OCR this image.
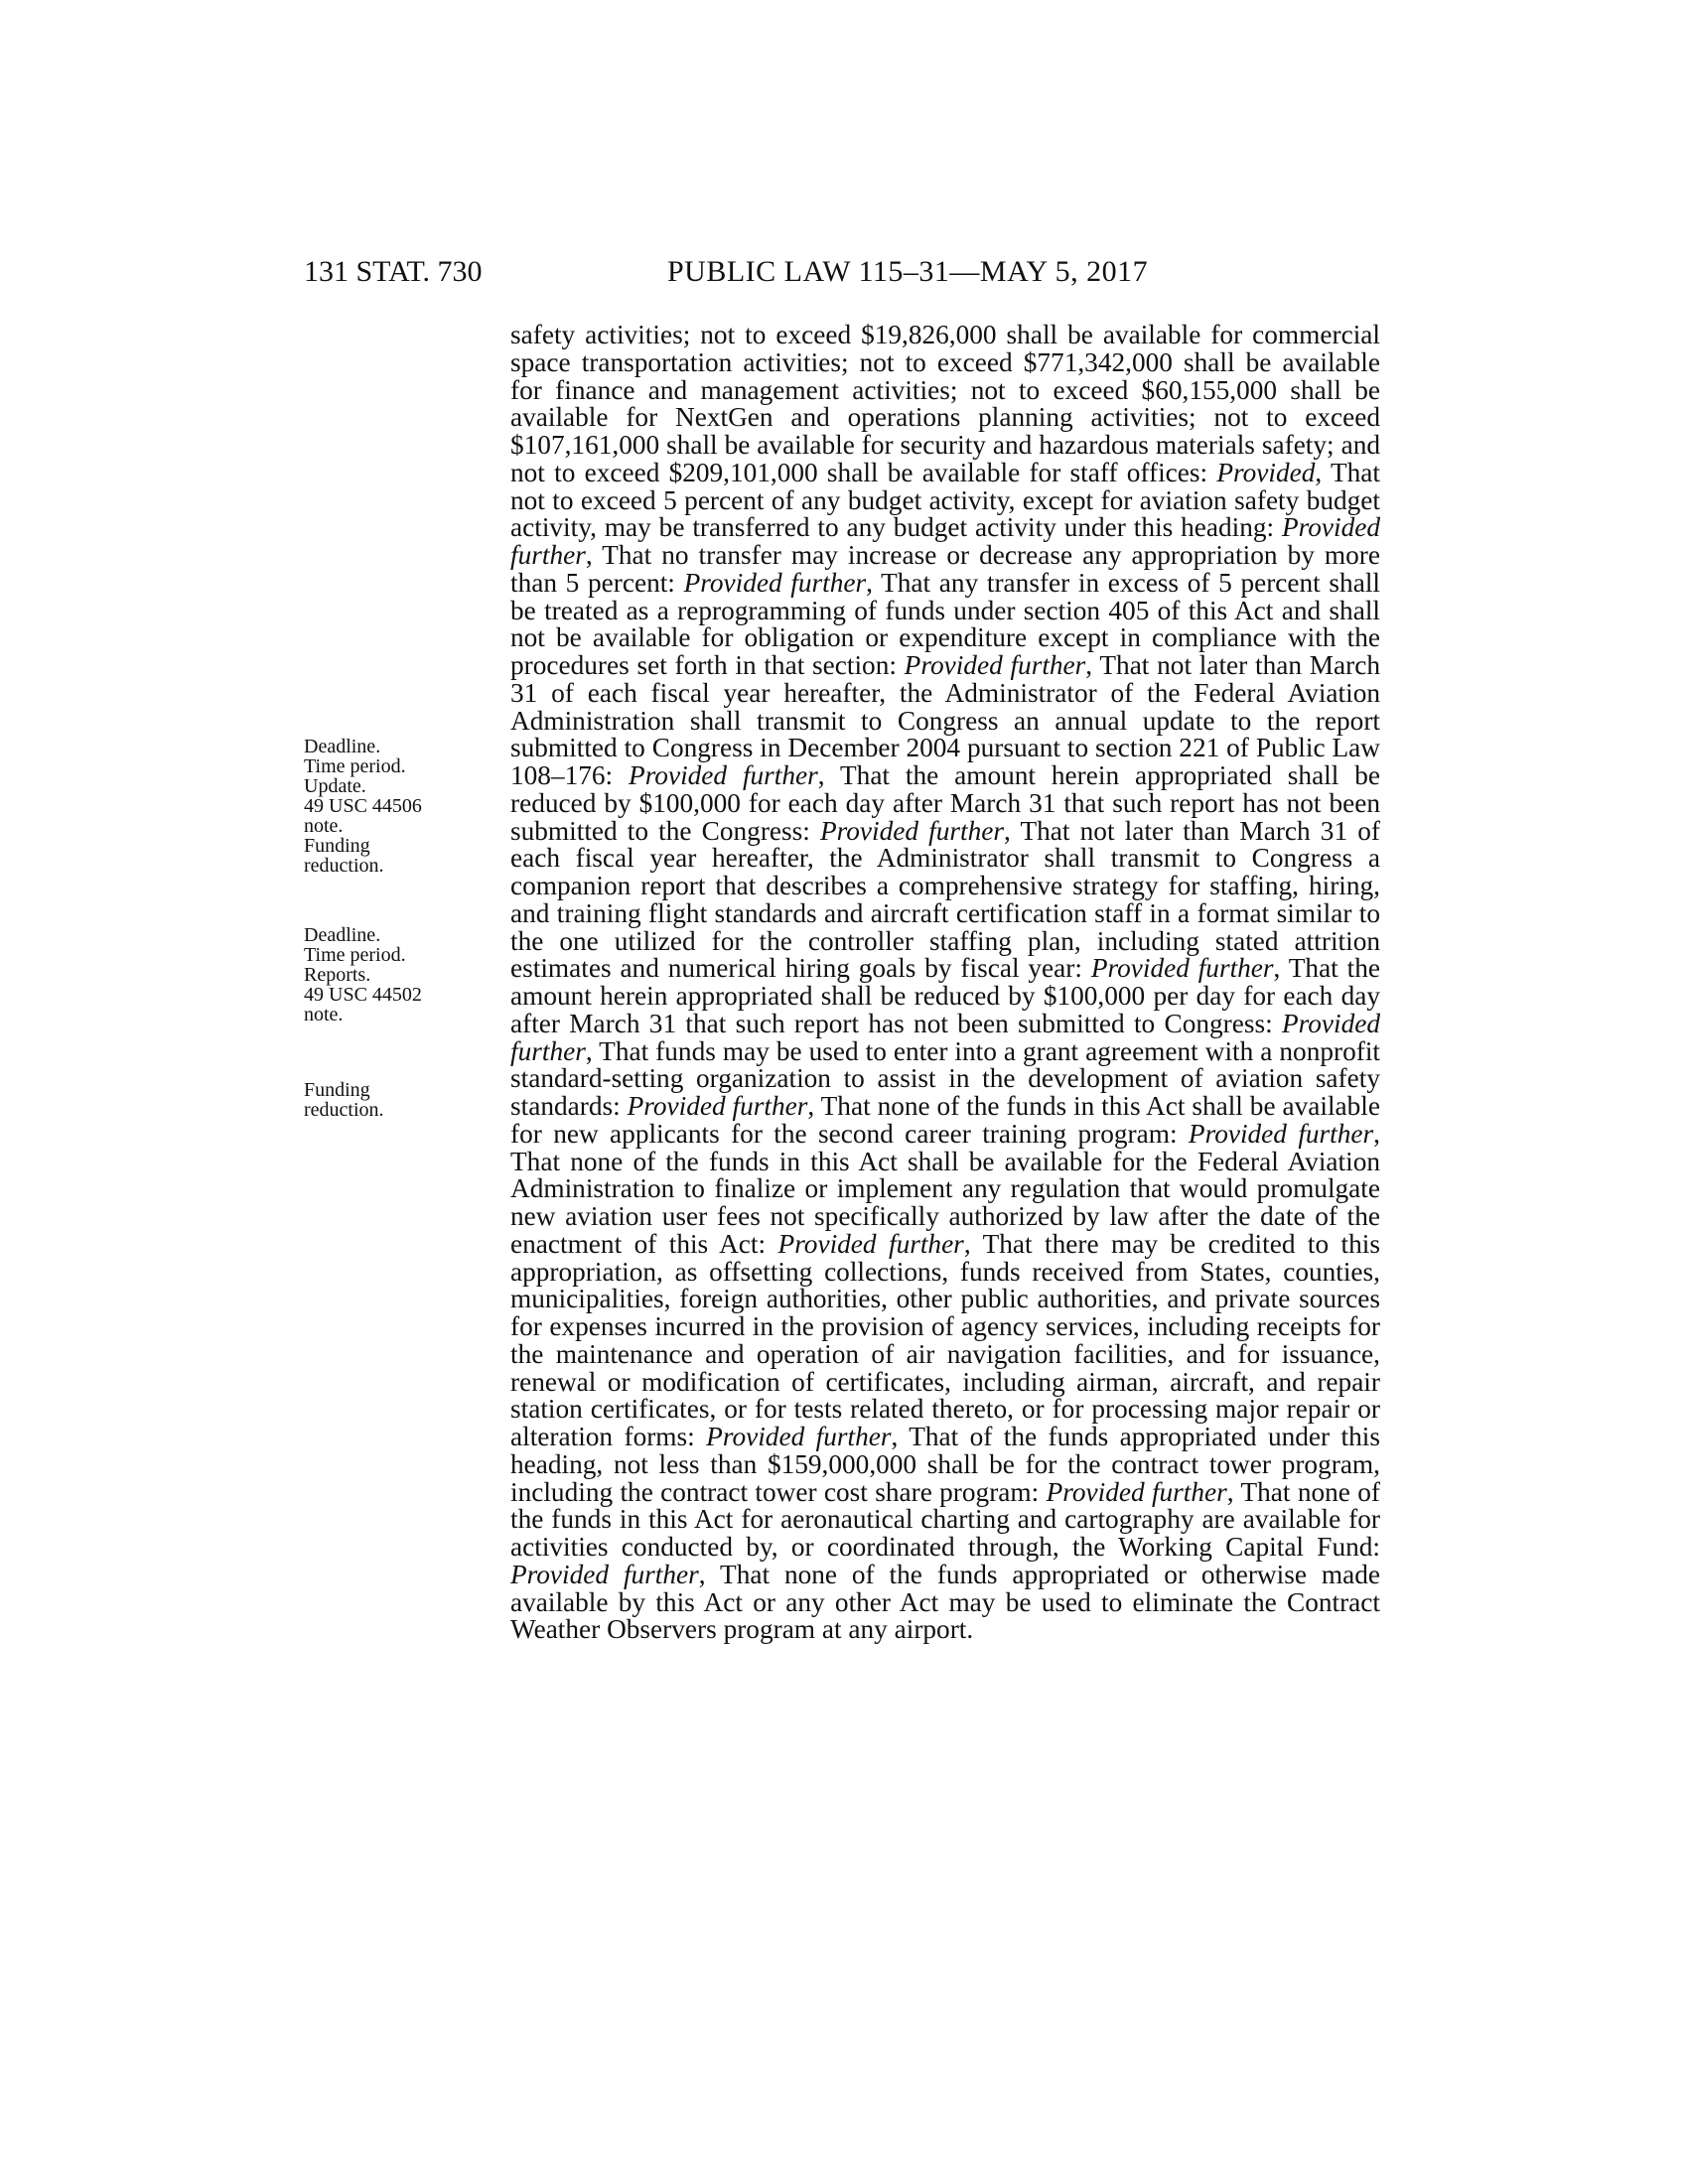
131 STAT. 730	PUBLIC LAW 115–31—MAY 5, 2017
Deadline.
Time period.
Update.
49 USC 44506
note.
Funding
reduction.
Deadline.
Time period.
Reports.
49 USC 44502
note.
Funding
reduction.
safety activities; not to exceed $19,826,000 shall be available for commercial space transportation activities; not to exceed $771,342,000 shall be available for finance and management activities; not to exceed $60,155,000 shall be available for NextGen and operations planning activities; not to exceed $107,161,000 shall be available for security and hazardous materials safety; and not to exceed $209,101,000 shall be available for staff offices: Provided, That not to exceed 5 percent of any budget activity, except for aviation safety budget activity, may be transferred to any budget activity under this heading: Provided further, That no transfer may increase or decrease any appropriation by more than 5 percent: Provided further, That any transfer in excess of 5 percent shall be treated as a reprogramming of funds under section 405 of this Act and shall not be available for obligation or expenditure except in compliance with the procedures set forth in that section: Provided further, That not later than March 31 of each fiscal year hereafter, the Administrator of the Federal Aviation Administration shall transmit to Congress an annual update to the report submitted to Congress in December 2004 pursuant to section 221 of Public Law 108–176: Provided further, That the amount herein appropriated shall be reduced by $100,000 for each day after March 31 that such report has not been submitted to the Congress: Provided further, That not later than March 31 of each fiscal year hereafter, the Administrator shall transmit to Congress a companion report that describes a comprehensive strategy for staffing, hiring, and training flight standards and aircraft certification staff in a format similar to the one utilized for the controller staffing plan, including stated attrition estimates and numerical hiring goals by fiscal year: Provided further, That the amount herein appropriated shall be reduced by $100,000 per day for each day after March 31 that such report has not been submitted to Congress: Provided further, That funds may be used to enter into a grant agreement with a nonprofit standard-setting organization to assist in the development of aviation safety standards: Provided further, That none of the funds in this Act shall be available for new applicants for the second career training program: Provided further, That none of the funds in this Act shall be available for the Federal Aviation Administration to finalize or implement any regulation that would promulgate new aviation user fees not specifically authorized by law after the date of the enactment of this Act: Provided further, That there may be credited to this appropriation, as offsetting collections, funds received from States, counties, municipalities, foreign authorities, other public authorities, and private sources for expenses incurred in the provision of agency services, including receipts for the maintenance and operation of air navigation facilities, and for issuance, renewal or modification of certificates, including airman, aircraft, and repair station certificates, or for tests related thereto, or for processing major repair or alteration forms: Provided further, That of the funds appropriated under this heading, not less than $159,000,000 shall be for the contract tower program, including the contract tower cost share program: Provided further, That none of the funds in this Act for aeronautical charting and cartography are available for activities conducted by, or coordinated through, the Working Capital Fund: Provided further, That none of the funds appropriated or otherwise made available by this Act or any other Act may be used to eliminate the Contract Weather Observers program at any airport.
